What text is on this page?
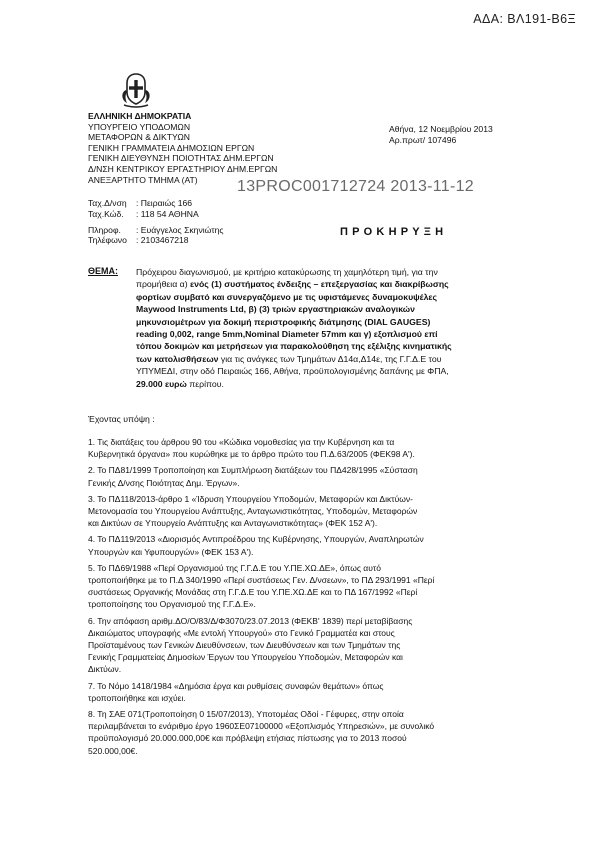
ΑΔΑ: ΒΛ191-Β6Ξ
ΕΛΛΗΝΙΚΗ ΔΗΜΟΚΡΑΤΙΑ
ΥΠΟΥΡΓΕΙΟ ΥΠΟΔΟΜΩΝ
ΜΕΤΑΦΟΡΩΝ & ΔΙΚΤΥΩΝ
ΓΕΝΙΚΗ ΓΡΑΜΜΑΤΕΙΑ ΔΗΜΟΣΙΩΝ ΕΡΓΩΝ
ΓΕΝΙΚΗ ΔΙΕΥΘΥΝΣΗ ΠΟΙΟΤΗΤΑΣ ΔΗΜ.ΕΡΓΩΝ
Δ/ΝΣΗ ΚΕΝΤΡΙΚΟΥ ΕΡΓΑΣΤΗΡΙΟΥ ΔΗΜ.ΕΡΓΩΝ
ΑΝΕΞΑΡΤΗΤΟ ΤΜΗΜΑ (ΑΤ)
Αθήνα, 12 Νοεμβρίου 2013
Αρ.πρωτ/ 107496
13PROC001712724 2013-11-12
Ταχ.Δ/νση : Πειραιώς 166
Ταχ.Κώδ. : 118 54 ΑΘΗΝΑ
Πληροφ. : Ευάγγελος Σκηνιώτης
Τηλέφωνο : 2103467218
ΠΡΟΚΗΡΥΞΗ
ΘΕΜΑ: Πρόχειρου διαγωνισμού, με κριτήριο κατακύρωσης τη χαμηλότερη τιμή, για την
προμήθεια α) ενός (1) συστήματος ένδειξης – επεξεργασίας και διακρίβωσης
φορτίων συμβατό και συνεργαζόμενο με τις υφιστάμενες δυναμοκυψέλες
Maywood Instruments Ltd, β) (3) τριών εργαστηριακών αναλογικών
μηκυνσιομέτρων για δοκιμή περιστροφικής διάτμησης (DIAL GAUGES)
reading 0,002, range 5mm,Nominal Diameter 57mm και γ) εξοπλισμού επί
τόπου δοκιμών και μετρήσεων για παρακολούθηση της εξέλιξης κινηματικής
των κατολισθήσεων για τις ανάγκες των Τμημάτων Δ14α,Δ14ε, της Γ.Γ.Δ.Ε του
ΥΠΥΜΕΔΙ, στην οδό Πειραιώς 166, Αθήνα, προϋπολογισμένης δαπάνης με ΦΠΑ,
29.000 ευρώ περίπου.
Έχοντας υπόψη :
1. Τις διατάξεις του άρθρου 90 του «Κώδικα νομοθεσίας για την Κυβέρνηση και τα
Κυβερνητικά όργανα» που κυρώθηκε με το άρθρο πρώτο του Π.Δ.63/2005 (ΦΕΚ98 Α').
2. Το ΠΔ81/1999 Τροποποίηση και Συμπλήρωση διατάξεων του ΠΔ428/1995 «Σύσταση
Γενικής Δ/νσης Ποιότητας Δημ. Έργων».
3. Το ΠΔ118/2013-άρθρο 1 «Ίδρυση Υπουργείου Υποδομών, Μεταφορών και Δικτύων-
Μετονομασία του Υπουργείου Ανάπτυξης, Ανταγωνιστικότητας, Υποδομών, Μεταφορών
και Δικτύων σε Υπουργείο Ανάπτυξης και Ανταγωνιστικότητας» (ΦΕΚ 152 Α').
4. Το ΠΔ119/2013 «Διορισμός Αντιπροέδρου της Κυβέρνησης, Υπουργών, Αναπληρωτών
Υπουργών και Υφυπουργών» (ΦΕΚ 153 Α').
5. Το ΠΔ69/1988 «Περί Οργανισμού της Γ.Γ.Δ.Ε του Υ.ΠΕ.ΧΩ.ΔΕ», όπως αυτό
τροποποιήθηκε με το Π.Δ 340/1990 «Περί συστάσεως Γεν. Δ/νσεων», το ΠΔ 293/1991 «Περί
συστάσεως Οργανικής Μονάδας στη Γ.Γ.Δ.Ε του Υ.ΠΕ.ΧΩ.ΔΕ και το ΠΔ 167/1992 «Περί
τροποποίησης του Οργανισμού της Γ.Γ.Δ.Ε».
6. Την απόφαση αριθμ.ΔΟ/Ο/83/Δ/Φ3070/23.07.2013 (ΦΕΚΒ' 1839) περί μεταβίβασης
Δικαιώματος υπογραφής «Με εντολή Υπουργού» στο Γενικό Γραμματέα και στους
Προϊσταμένους των Γενικών Διευθύνσεων, των Διευθύνσεων και των Τμημάτων της
Γενικής Γραμματείας Δημοσίων Έργων του Υπουργείου Υποδομών, Μεταφορών και
Δικτύων.
7. Το Νόμο 1418/1984 «Δημόσια έργα και ρυθμίσεις συναφών θεμάτων» όπως
τροποποιήθηκε και ισχύει.
8. Τη ΣΑΕ 071(Τροποποίηση 0 15/07/2013), Υποτομέας Οδοί - Γέφυρες, στην οποία
περιλαμβάνεται το ενάριθμο έργο 1960ΣΕ07100000 «Εξοπλισμός Υπηρεσιών», με συνολικό
προϋπολογισμό 20.000.000,00€ και πρόβλεψη ετήσιας πίστωσης για το 2013 ποσού
520.000,00€.
